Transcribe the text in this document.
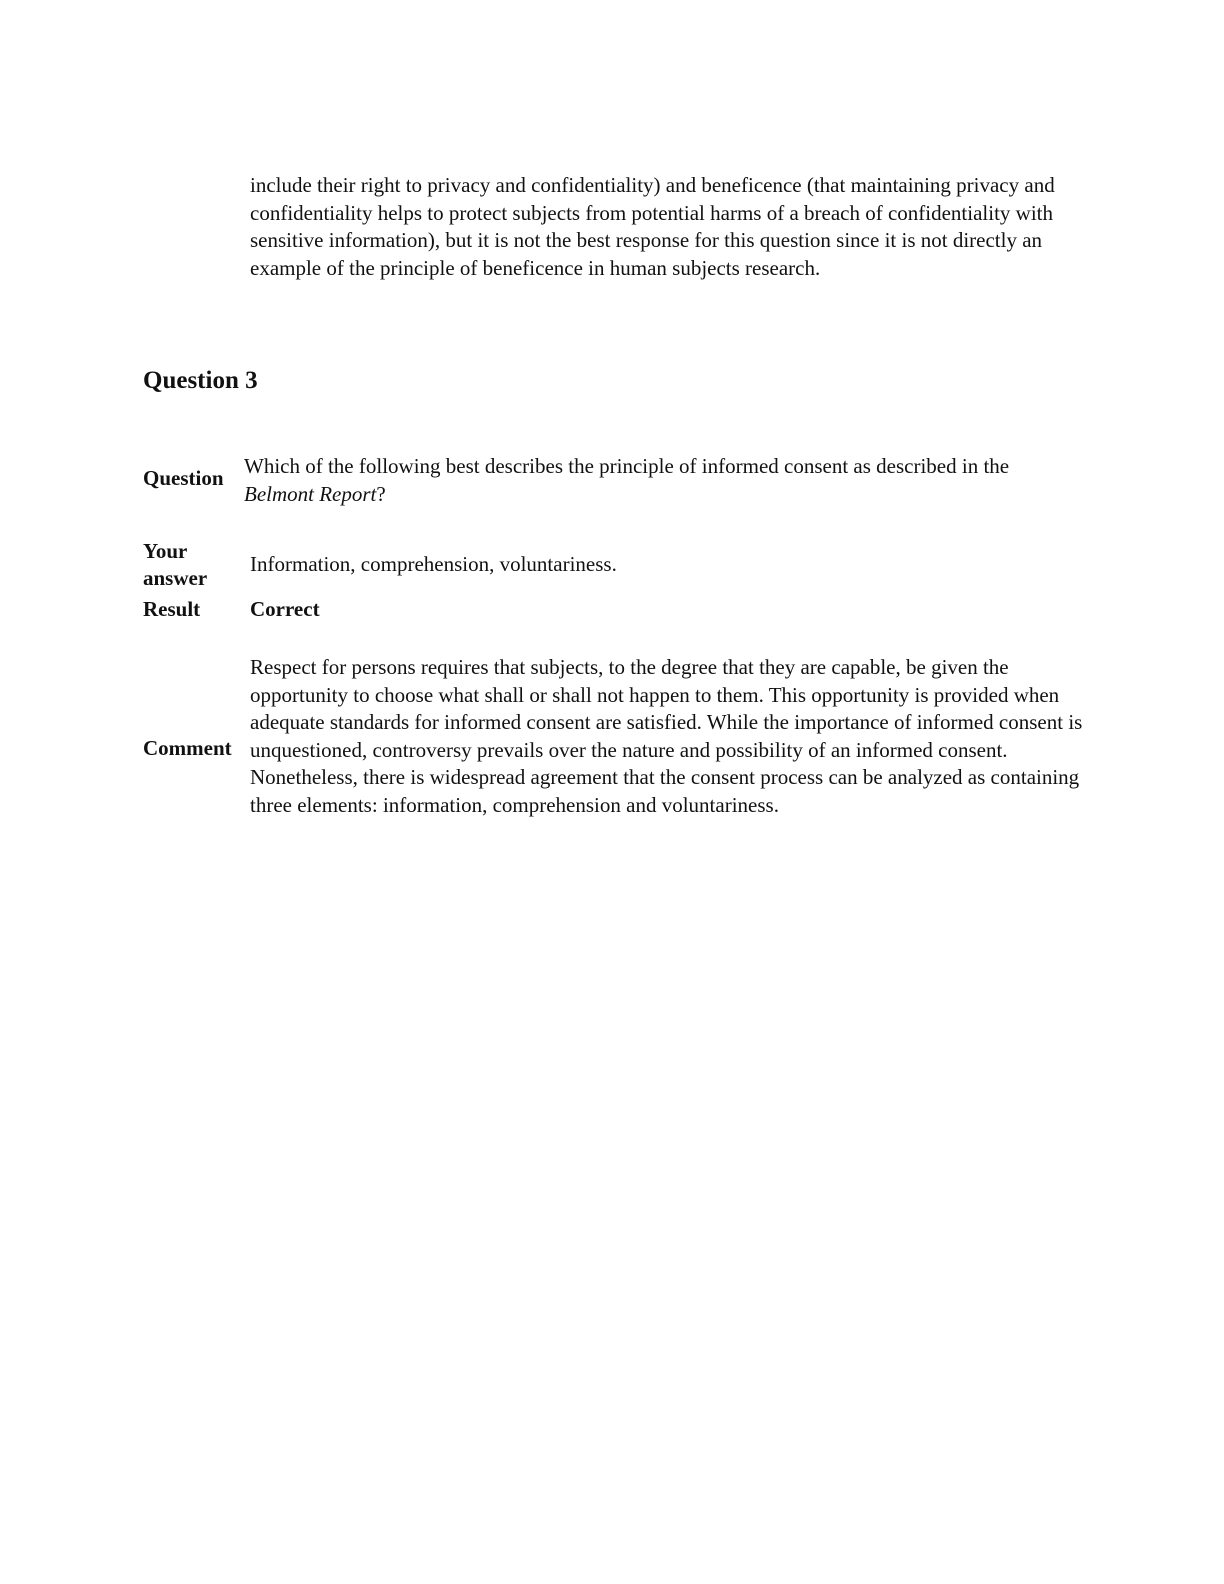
include their right to privacy and confidentiality) and beneficence (that maintaining privacy and confidentiality helps to protect subjects from potential harms of a breach of confidentiality with sensitive information), but it is not the best response for this question since it is not directly an example of the principle of beneficence in human subjects research.

Question 3
Question Which of the following best describes the principle of informed consent as described in the Belmont Report?

Your
answer

Information, comprehension, voluntariness.

Result Correct

Comment

Respect for persons requires that subjects, to the degree that they are capable, be given the opportunity to choose what shall or shall not happen to them. This opportunity is provided when adequate standards for informed consent are satisfied. While the importance of informed consent is unquestioned, controversy prevails over the nature and possibility of an informed consent. Nonetheless, there is widespread agreement that the consent process can be analyzed as containing three elements: information, comprehension and voluntariness.
